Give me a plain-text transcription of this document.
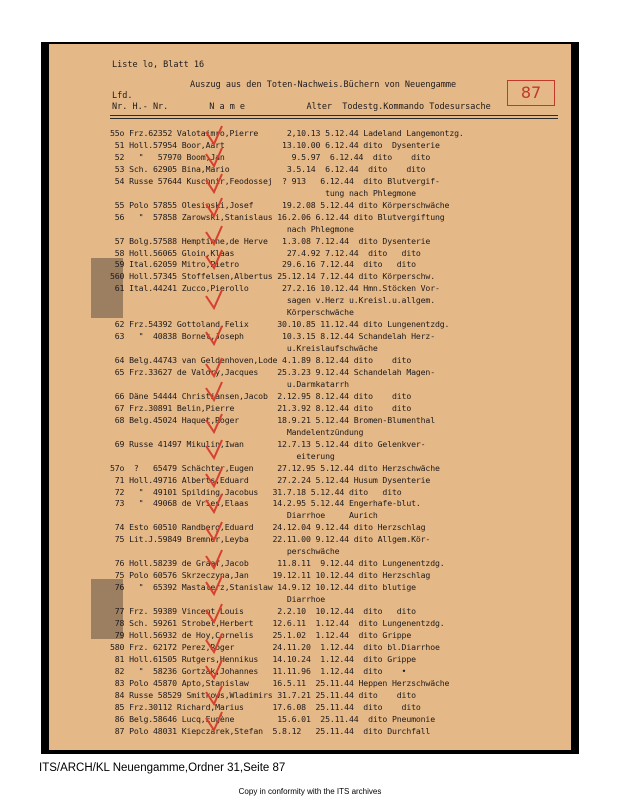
Liste lo, Blatt 16
Auszug aus den Toten-Nachweis.Büchern von Neuengamme	87
Lfd.
Nr. H.- Nr.        N a m e            Alter  Todestg.Kommando Todesursache
55o Frz.62352 Valotaimro,Pierre      2,10.13 5.12.44 Ladeland Langemontzg.
51 Holl.57954 Boor,Aart            13.10.00 6.12.44 dito  Dysenterie
52   "   57970 Boom,Jan              9.5.97  6.12.44  dito    dito
53 Sch. 62905 Bina,Mario            3.5.14  6.12.44  dito    dito
54 Russe 57644 Kuschnir,Feodossej  ? 913   6.12.44  dito Blutvergif-
tung nach Phlegmone
55 Polo 57855 Olesinski,Josef      19.2.08 5.12.44 dito Körperschwäche
56   "  57858 Zarowski,Stanislaus 16.2.06 6.12.44 dito Blutvergiftung
nach Phlegmone
57 Bolg.57588 Hemptinne,de Herve   1.3.08 7.12.44  dito Dysenterie
58 Holl.56065 Gloin,Klaas           27.4.92 7.12.44  dito   dito
59 Ital.62059 Mitro,Pietro         29.6.16 7.12.44  dito   dito
560 Holl.57345 Stoffelsen,Albertus 25.12.14 7.12.44 dito Körperschw.
61 Ital.44241 Zucco,Pierollo       27.2.16 10.12.44 Hmn.Stöcken Vor-
sagen v.Herz u.Kreisl.u.allgem.
Körperschwäche
62 Frz.54392 Gottoland,Felix      30.10.85 11.12.44 dito Lungenentzdg.
63   "  40838 Bornet,Joseph        10.3.15 8.12.44 Schandelah Herz-
u.Kreislaufschwäche
64 Belg.44743 van Geldenhoven,Lode 4.1.89 8.12.44 dito    dito
65 Frz.33627 de Valory,Jacques    25.3.23 9.12.44 Schandelah Magen-
u.Darmkatarrh
66 Däne 54444 Christiansen,Jacob  2.12.95 8.12.44 dito    dito
67 Frz.30891 Belin,Pierre         21.3.92 8.12.44 dito    dito
68 Belg.45024 Haquet,Roger        18.9.21 5.12.44 Bromen-Blumenthal
Mandelentzündung
69 Russe 41497 Mikulin,Iwan       12.7.13 5.12.44 dito Gelenkver-
eiterung
57o  ?   65479 Schächter,Eugen     27.12.95 5.12.44 dito Herzschwäche
71 Holl.49716 Alberts,Eduard      27.2.24 5.12.44 Husum Dysenterie
72   "  49101 Spilding,Jacobus   31.7.18 5.12.44 dito   dito
73   "  49068 de Vries,Elaas     14.2.95 5.12.44 Engerhafe-blut.
Diarrhoe     Aurich
74 Esto 60510 Randberg,Eduard    24.12.04 9.12.44 dito Herzschlag
75 Lit.J.59849 Bremner,Leyba     22.11.00 9.12.44 dito Allgem.Kör-
perschwäche
76 Holl.58239 de Graaf,Jacob      11.8.11  9.12.44 dito Lungenentzdg.
75 Polo 60576 Skrzeczyna,Jan     19.12.11 10.12.44 dito Herzschlag
76   "  65392 Mastalerz,Stanislaw 14.9.12 10.12.44 dito blutige
Diarrhoe
77 Frz. 59389 Vincent,Louis       2.2.10  10.12.44  dito   dito
78 Sch. 59261 Strobel,Herbert    12.6.11  1.12.44  dito Lungenentzdg.
79 Holl.56932 de Hoy,Cornelis    25.1.02  1.12.44  dito Grippe
580 Frz. 62172 Perez,Roger        24.11.20  1.12.44  dito bl.Diarrhoe
81 Holl.61505 Rutgers,Hennikus   14.10.24  1.12.44  dito Grippe
82   "  58236 Gortzak,Johannes   11.11.96  1.12.44  dito    •
83 Polo 45870 Apto,Stanislaw     16.5.11  25.11.44 Heppen Herzschwäche
84 Russe 58529 Smitkows,Wladimirs 31.7.21 25.11.44 dito    dito
85 Frz.30112 Richard,Marius      17.6.08  25.11.44  dito    dito
86 Belg.58646 Lucq,Eugène         15.6.01  25.11.44  dito Pneumonie
87 Polo 48031 Kiepczarek,Stefan  5.8.12   25.11.44  dito Durchfall
ITS/ARCH/KL Neuengamme,Ordner 31,Seite 87
Copy in conformity with the ITS archives
